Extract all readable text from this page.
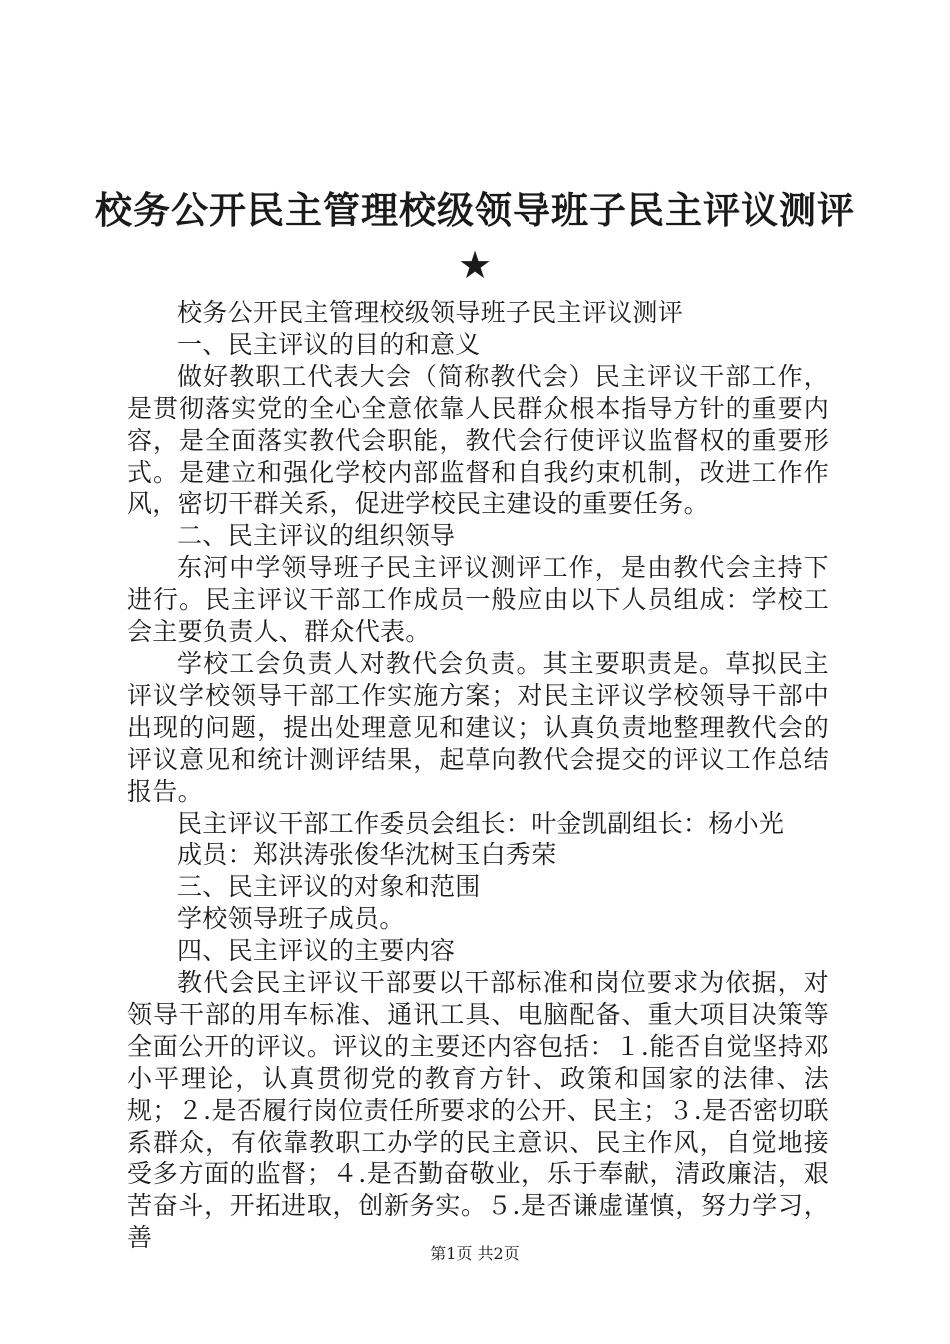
校务公开民主管理校级领导班子民主评议测评
★

校务公开民主管理校级领导班子民主评议测评

一、民主评议的目的和意义

做好教职工代表大会（简称教代会）民主评议干部工作，是贯彻落实党的全心全意依靠人民群众根本指导方针的重要内容，是全面落实教代会职能，教代会行使评议监督权的重要形式。是建立和强化学校内部监督和自我约束机制，改进工作作风，密切干群关系，促进学校民主建设的重要任务。

二、民主评议的组织领导

东河中学领导班子民主评议测评工作，是由教代会主持下进行。民主评议干部工作成员一般应由以下人员组成：学校工会主要负责人、群众代表。

学校工会负责人对教代会负责。其主要职责是。草拟民主评议学校领导干部工作实施方案；对民主评议学校领导干部中出现的问题，提出处理意见和建议；认真负责地整理教代会的评议意见和统计测评结果，起草向教代会提交的评议工作总结报告。

民主评议干部工作委员会组长：叶金凯副组长：杨小光

成员：郑洪涛张俊华沈树玉白秀荣

三、民主评议的对象和范围

学校领导班子成员。

四、民主评议的主要内容

教代会民主评议干部要以干部标准和岗位要求为依据，对领导干部的用车标准、通讯工具、电脑配备、重大项目决策等全面公开的评议。评议的主要还内容包括：１.能否自觉坚持邓小平理论，认真贯彻党的教育方针、政策和国家的法律、法规；２.是否履行岗位责任所要求的公开、民主；３.是否密切联系群众，有依靠教职工办学的民主意识、民主作风，自觉地接受多方面的监督；４.是否勤奋敬业，乐于奉献，清政廉洁，艰苦奋斗，开拓进取，创新务实。５.是否谦虚谨慎，努力学习，善

第1页 共2页
